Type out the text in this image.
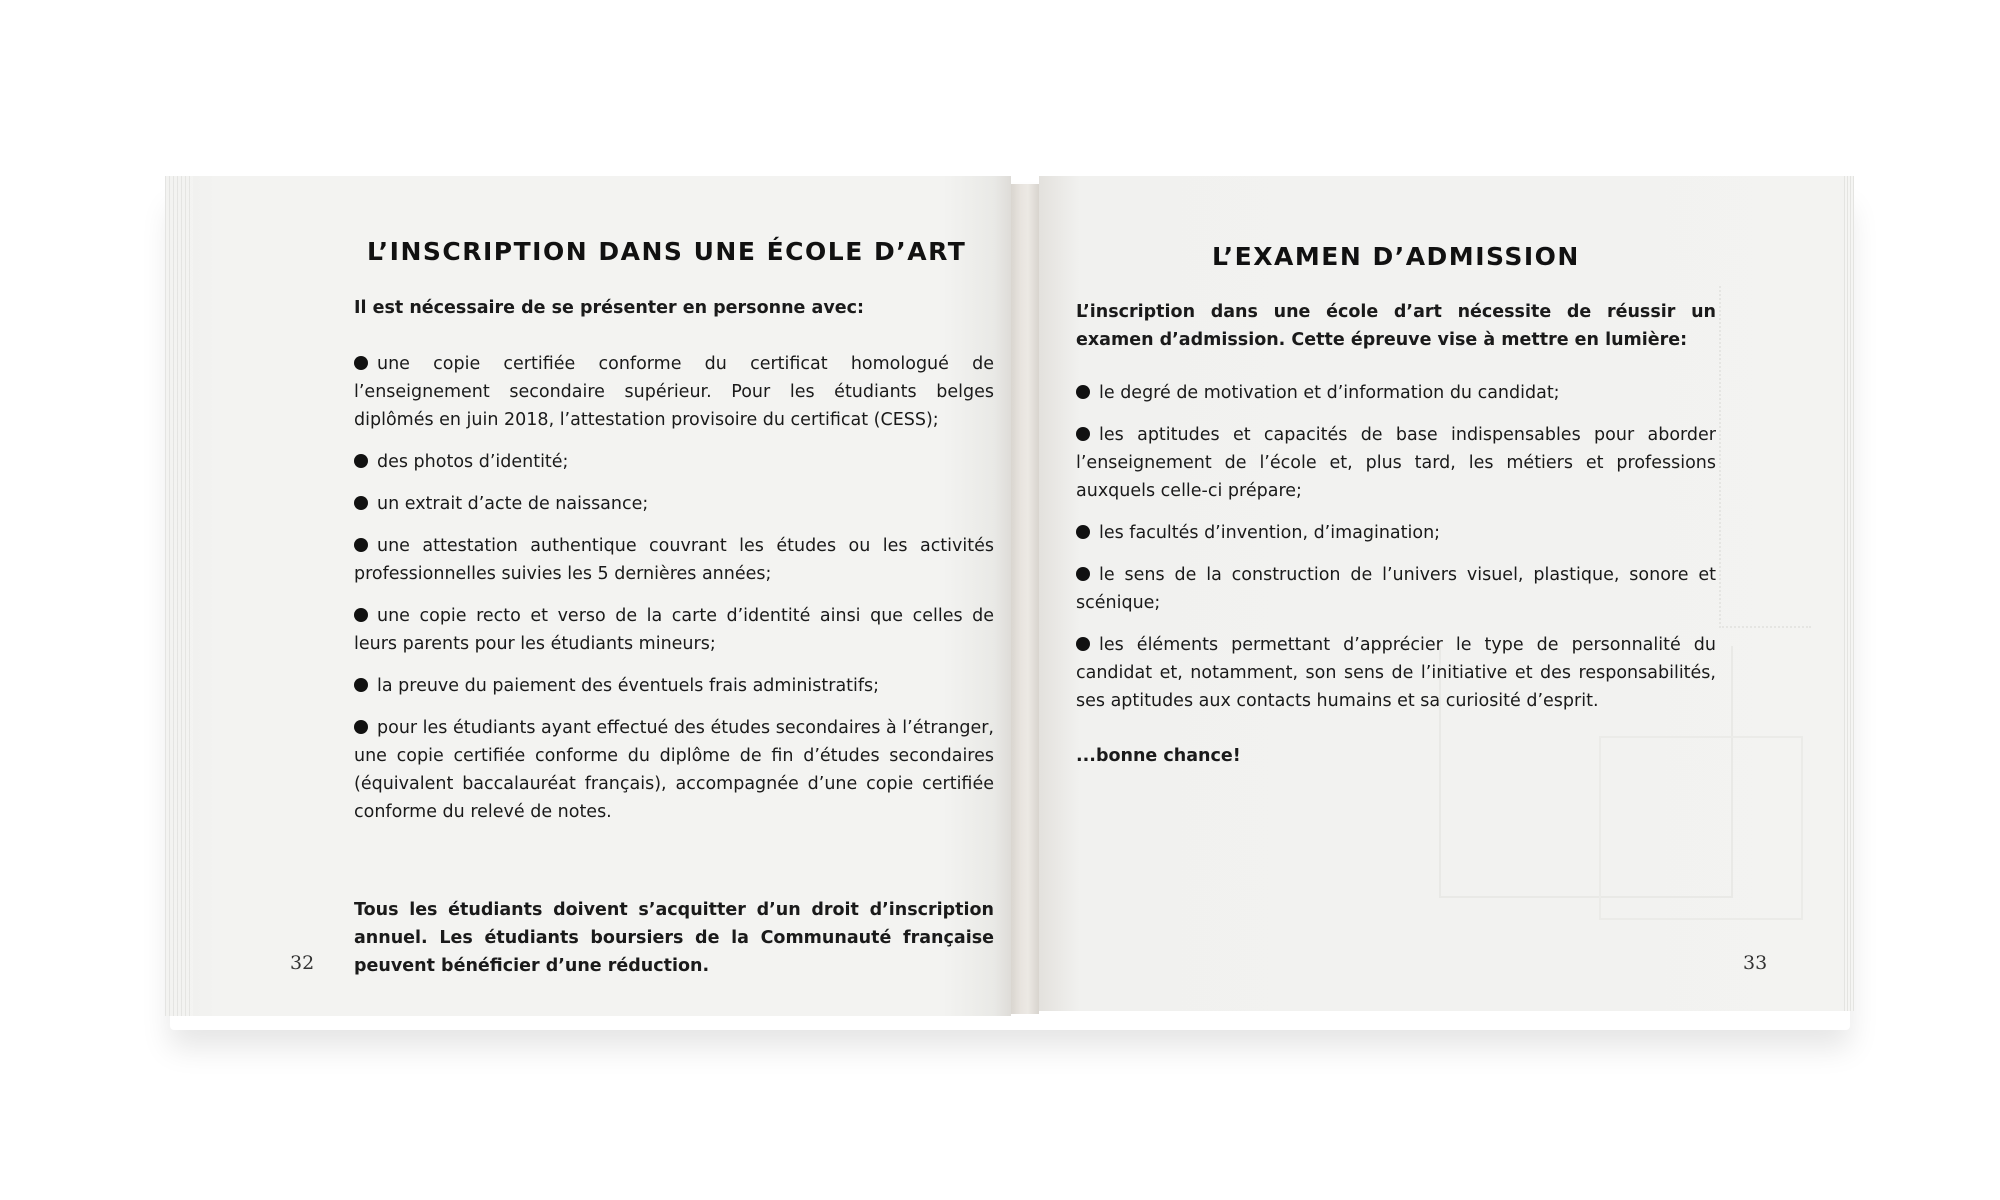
L’INSCRIPTION DANS UNE ÉCOLE D’ART

Il est nécessaire de se présenter en personne avec:

une copie certifiée conforme du certificat homologué de l’enseignement secondaire supérieur. Pour les étudiants belges diplômés en juin 2018, l’attestation provisoire du certificat (CESS);
des photos d’identité;
un extrait d’acte de naissance;
une attestation authentique couvrant les études ou les activités professionnelles suivies les 5 dernières années;
une copie recto et verso de la carte d’identité ainsi que celles de leurs parents pour les étudiants mineurs;
la preuve du paiement des éventuels frais administratifs;
pour les étudiants ayant effectué des études secondaires à l’étranger, une copie certifiée conforme du diplôme de fin d’études secondaires (équivalent baccalauréat français), accompagnée d’une copie certifiée conforme du relevé de notes.

Tous les étudiants doivent s’acquitter d’un droit d’inscription annuel. Les étudiants boursiers de la Communauté française peuvent bénéficier d’une réduction.

32

L’EXAMEN D’ADMISSION

L’inscription dans une école d’art nécessite de réussir un examen d’admission. Cette épreuve vise à mettre en lumière:

le degré de motivation et d’information du candidat;
les aptitudes et capacités de base indispensables pour aborder l’enseignement de l’école et, plus tard, les métiers et professions auxquels celle-ci prépare;
les facultés d’invention, d’imagination;
le sens de la construction de l’univers visuel, plastique, sonore et scénique;
les éléments permettant d’apprécier le type de personnalité du candidat et, notamment, son sens de l’initiative et des responsabilités, ses aptitudes aux contacts humains et sa curiosité d’esprit.

...bonne chance!

33
